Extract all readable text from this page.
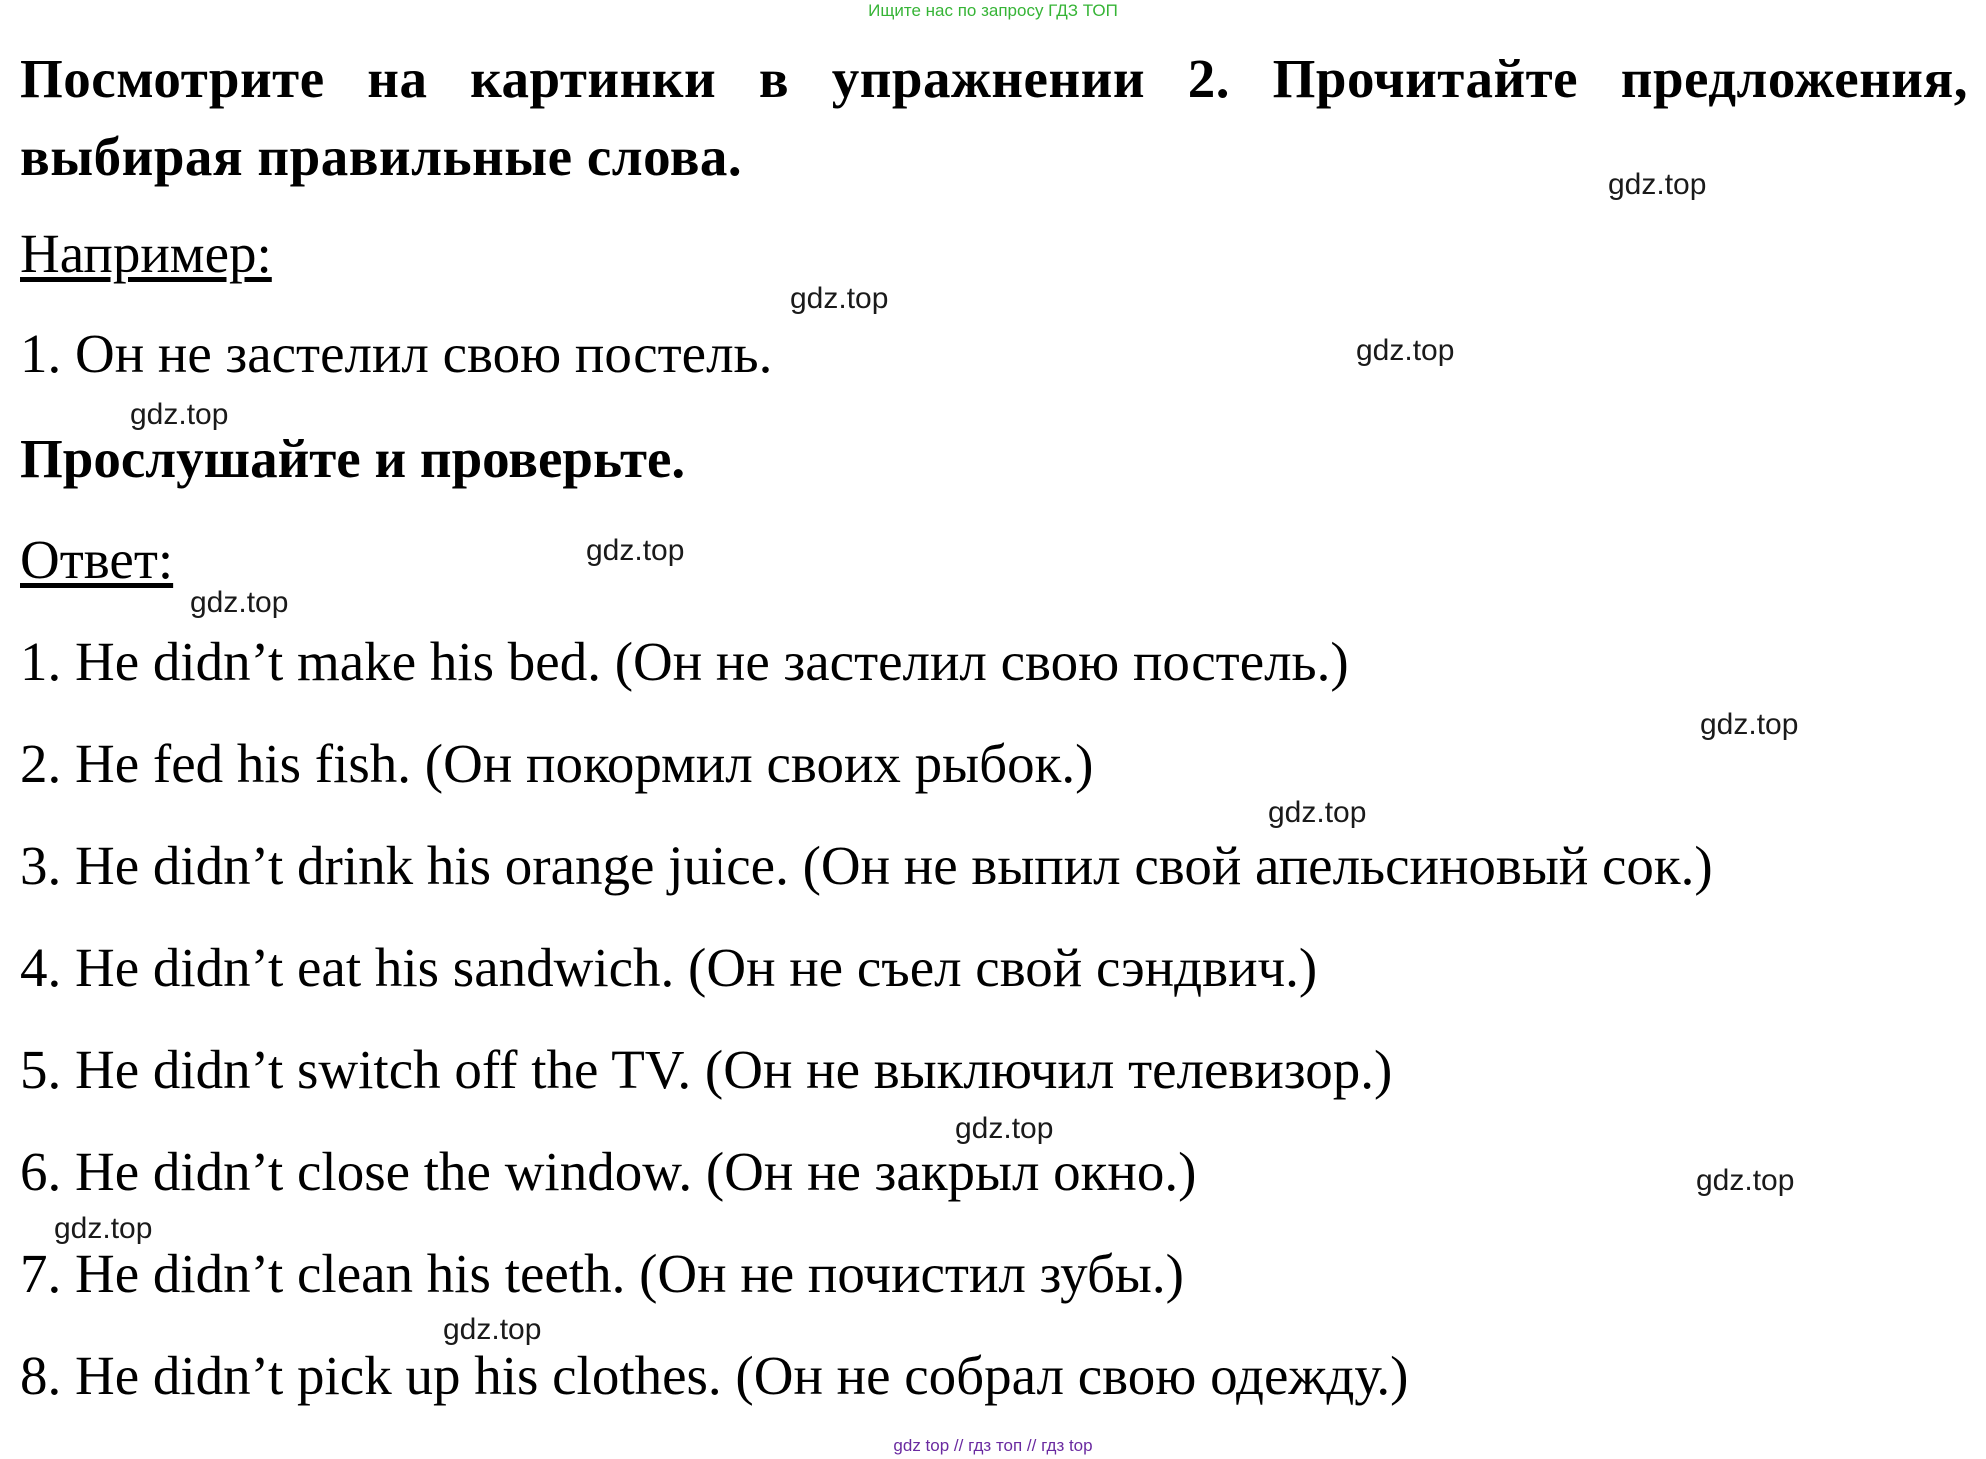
Ищите нас по запросу ГДЗ ТОП
Посмотрите на картинки в упражнении 2. Прочитайте предложения, выбирая правильные слова.
Например:
1. Он не застелил свою постель.
Прослушайте и проверьте.
Ответ:
1. He didn’t make his bed. (Он не застелил свою постель.)
2. He fed his fish. (Он покормил своих рыбок.)
3. He didn’t drink his orange juice. (Он не выпил свой апельсиновый сок.)
4. He didn’t eat his sandwich. (Он не съел свой сэндвич.)
5. He didn’t switch off the TV. (Он не выключил телевизор.)
6. He didn’t close the window. (Он не закрыл окно.)
7. He didn’t clean his teeth. (Он не почистил зубы.)
8. He didn’t pick up his clothes. (Он не собрал свою одежду.)
gdz.top
gdz.top
gdz.top
gdz.top
gdz.top
gdz.top
gdz.top
gdz.top
gdz.top
gdz.top
gdz.top
gdz.top
gdz top // гдз топ // гдз top
